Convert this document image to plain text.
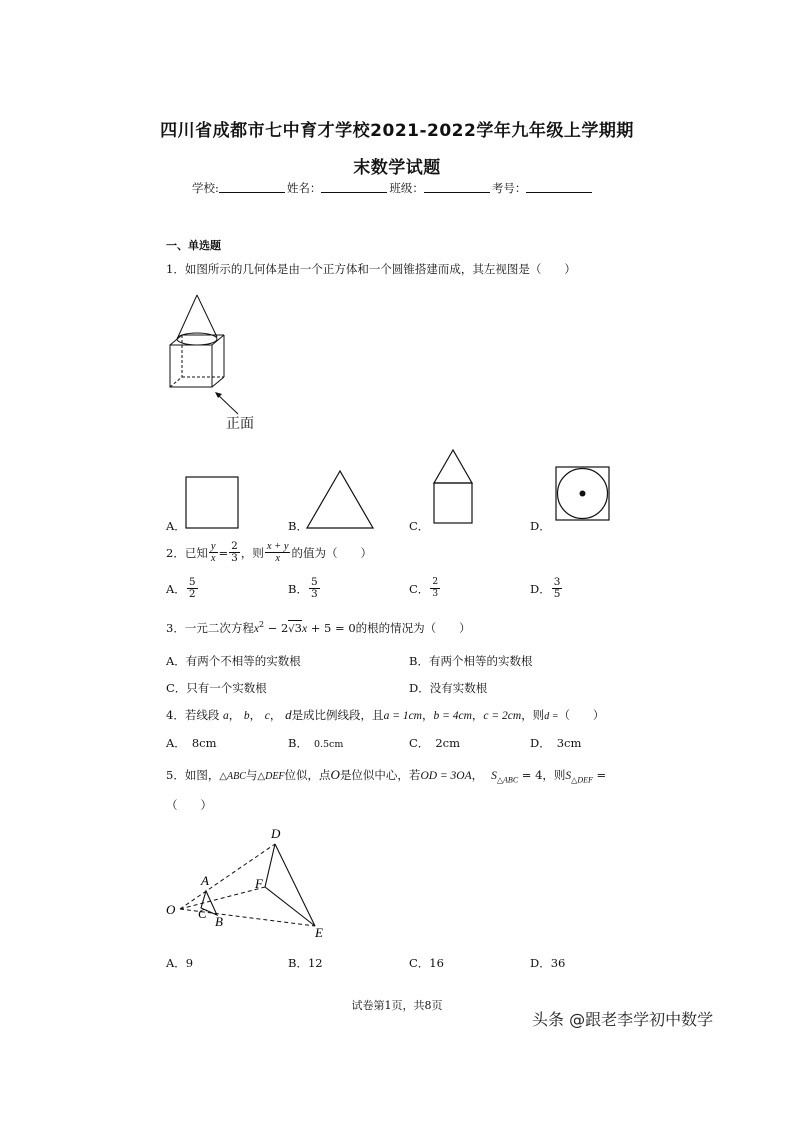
四川省成都市七中育才学校2021-2022学年九年级上学期期
末数学试题
学校:	姓名：	班级：	考号：
一、单选题
1．如图所示的几何体是由一个正方体和一个圆锥搭建而成，其左视图是（　　）
正面
A．	B．	C．	D．
2．已知 $\frac{y}{x} = \frac{2}{3}$ ，则 $\frac{x + y}{x}$ 的值为（　　）
A． $\frac{5}{2}$	B． $\frac{5}{3}$	C． $\frac{2}{3}$	D． $\frac{3}{5}$
3．一元二次方程$x^2 - 2√3x + 5 = 0$的根的情况为（　　）
A．有两个不相等的实数根	B．有两个相等的实数根
C．只有一个实数根	D．没有实数根
4．若线段 a， b， c， d是成比例线段，且a = 1cm，b = 4cm，c = 2cm，则d =（　　）
A． 8cm	B． 0.5cm	C． 2cm	D． 3cm
5．如图，△ABC与△DEF位似，点O是位似中心，若OD = 3OA， $S_{\triangle ABC} = 4$，则$S_{\triangle DEF}$ =
（　　）
D
A	F
O C
B
E
A．9	B．12	C．16	D．36
试卷第1页，共8页
头条 @跟老李学初中数学
